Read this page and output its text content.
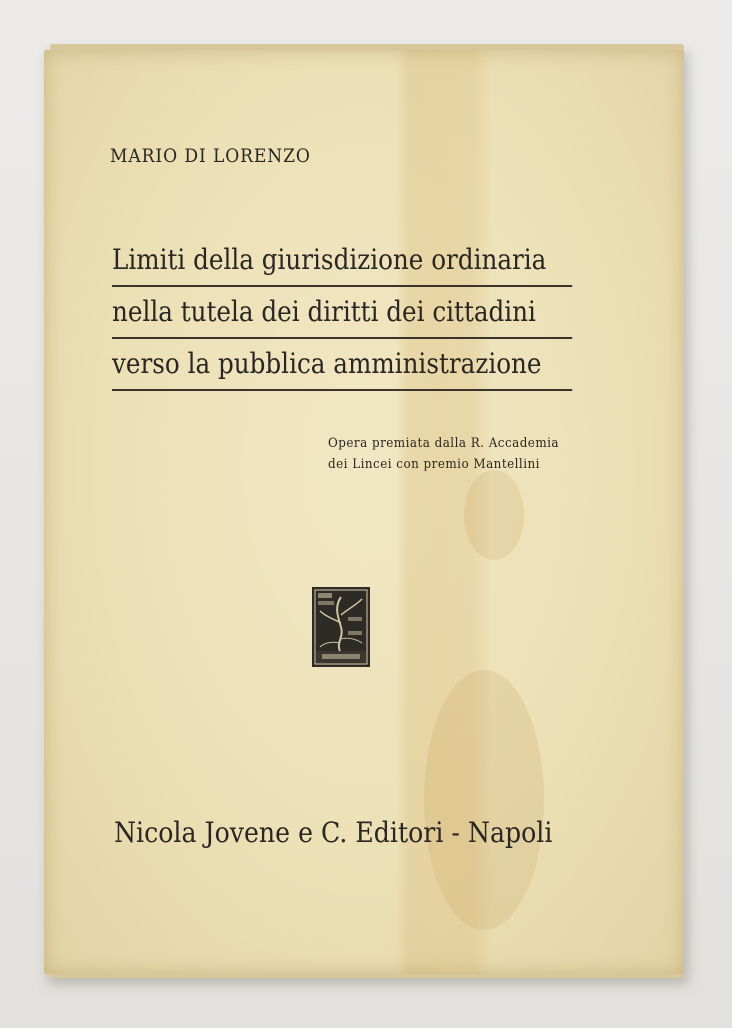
MARIO DI LORENZO
Limiti della giurisdizione ordinaria
nella tutela dei diritti dei cittadini
verso la pubblica amministrazione
Opera premiata dalla R. Accademia
dei Lincei con premio Mantellini
Nicola Jovene e C. Editori - Napoli
